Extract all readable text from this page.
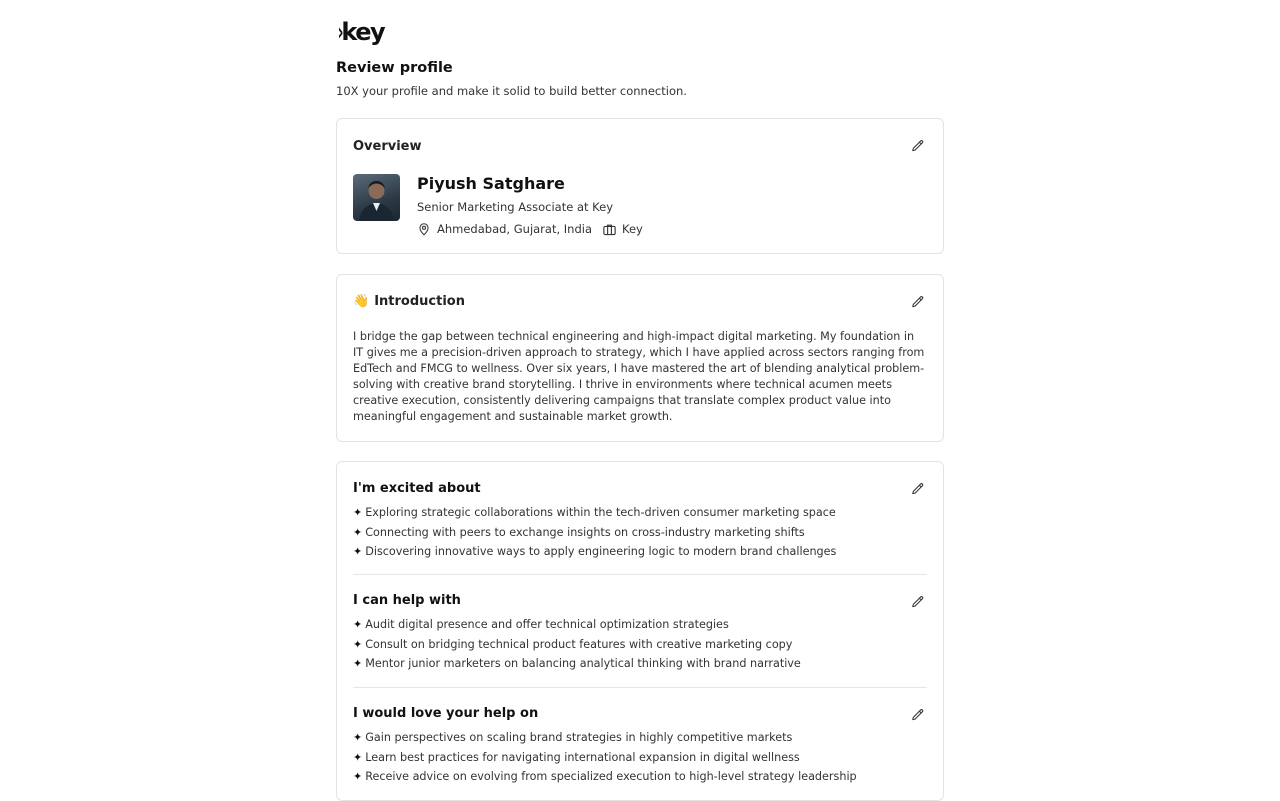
›key
Review profile
10X your profile and make it solid to build better connection.
Overview
Piyush Satghare
Senior Marketing Associate at Key
Ahmedabad, Gujarat, India	Key
👋 Introduction
I bridge the gap between technical engineering and high-impact digital marketing. My foundation in IT gives me a precision-driven approach to strategy, which I have applied across sectors ranging from EdTech and FMCG to wellness. Over six years, I have mastered the art of blending analytical problem-solving with creative brand storytelling. I thrive in environments where technical acumen meets creative execution, consistently delivering campaigns that translate complex product value into meaningful engagement and sustainable market growth.
I'm excited about
✦ Exploring strategic collaborations within the tech-driven consumer marketing space
✦ Connecting with peers to exchange insights on cross-industry marketing shifts
✦ Discovering innovative ways to apply engineering logic to modern brand challenges
I can help with
✦ Audit digital presence and offer technical optimization strategies
✦ Consult on bridging technical product features with creative marketing copy
✦ Mentor junior marketers on balancing analytical thinking with brand narrative
I would love your help on
✦ Gain perspectives on scaling brand strategies in highly competitive markets
✦ Learn best practices for navigating international expansion in digital wellness
✦ Receive advice on evolving from specialized execution to high-level strategy leadership
